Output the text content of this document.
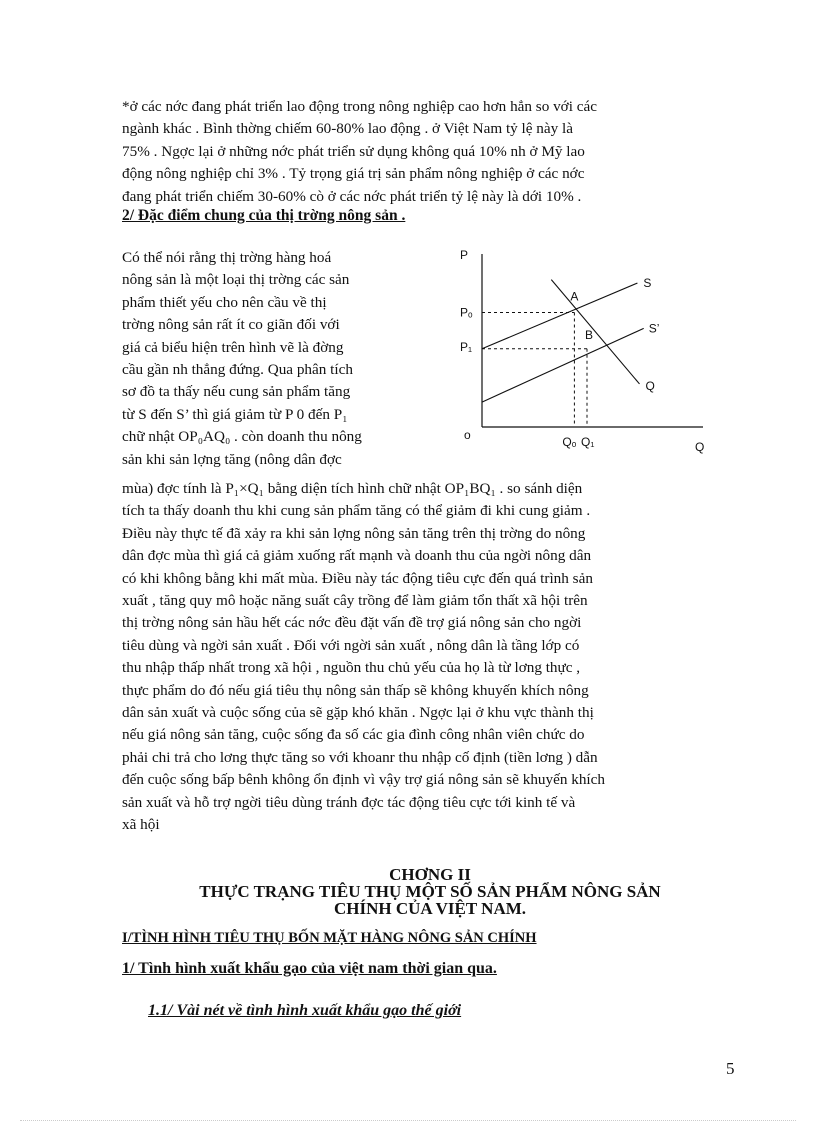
*ở các nớc đang phát triển lao động trong nông nghiệp cao hơn hẳn so với các
ngành khác . Bình thờng chiếm 60-80% lao động . ở Việt Nam tỷ lệ này là
75% . Ngợc lại ở những nớc phát triển sử dụng không quá 10% nh ở Mỹ lao
động nông nghiệp chỉ 3% . Tỷ trọng giá trị sản phẩm nông nghiệp ở các nớc
đang phát triển chiếm 30-60% cò ở các nớc phát triển tỷ lệ này là dới 10% .
2/ Đặc điểm chung của thị trờng nông sản .
Có thể nói rằng thị trờng hàng hoá
nông sản là một loại thị trờng các sản
phẩm thiết yếu cho nên cầu về thị
trờng nông sản rất ít co giãn đối với
giá cả biểu hiện trên hình vẽ là đờng
cầu gần nh thẳng đứng. Qua phân tích
sơ đồ ta thấy nếu cung sản phẩm tăng
từ S đến S’ thì giá giảm từ P 0 đến P₁
chữ nhật OP₀AQ₀ . còn doanh thu nông
sản khi sản lợng tăng (nông dân đợc
P
Q
o
S
S’
Q
A
B
Pₒ
P₁
Qₒ Q₁
mùa) đợc tính là P₁×Q₁ bằng diện tích hình chữ nhật OP₁BQ₁ . so sánh diện
tích ta thấy doanh thu khi cung sản phẩm tăng có thể giảm đi khi cung giảm .
Điều này thực tế đã xảy ra khi sản lợng nông sản tăng trên thị trờng do nông
dân đợc mùa thì giá cả giảm xuống rất mạnh và doanh thu của ngời nông dân
có khi không bằng khi mất mùa. Điều này tác động tiêu cực đến quá trình sản
xuất , tăng quy mô hoặc năng suất cây trồng để làm giảm tổn thất xã hội trên
thị trờng nông sản hầu hết các nớc đều đặt vấn đề trợ giá nông sản cho ngời
tiêu dùng và ngời sản xuất . Đối với ngời sản xuất , nông dân là tầng lớp có
thu nhập thấp nhất trong xã hội , nguồn thu chủ yếu của họ là từ lơng thực ,
thực phẩm do đó nếu giá tiêu thụ nông sản thấp sẽ không khuyến khích nông
dân sản xuất và cuộc sống của sẽ gặp khó khăn . Ngợc lại ở khu vực thành thị
nếu giá nông sản tăng, cuộc sống đa số các gia đình công nhân viên chức do
phải chi trả cho lơng thực tăng so với khoanr thu nhập cố định (tiền lơng ) dẫn
đến cuộc sống bấp bênh không ổn định vì vậy trợ giá nông sản sẽ khuyến khích
sản xuất và hỗ trợ ngời tiêu dùng tránh đợc tác động tiêu cực tới kinh tế và
xã hội
CHƠNG II
THỰC TRẠNG TIÊU THỤ MỘT SỐ SẢN PHẨM NÔNG SẢN
CHÍNH CỦA VIỆT NAM.
I/TÌNH HÌNH TIÊU THỤ BỐN MẶT HÀNG NÔNG SẢN CHÍNH
1/ Tình hình xuất khẩu gạo của việt nam thời gian qua.
1.1/ Vài nét về tình hình xuất khẩu gạo thế giới
5
